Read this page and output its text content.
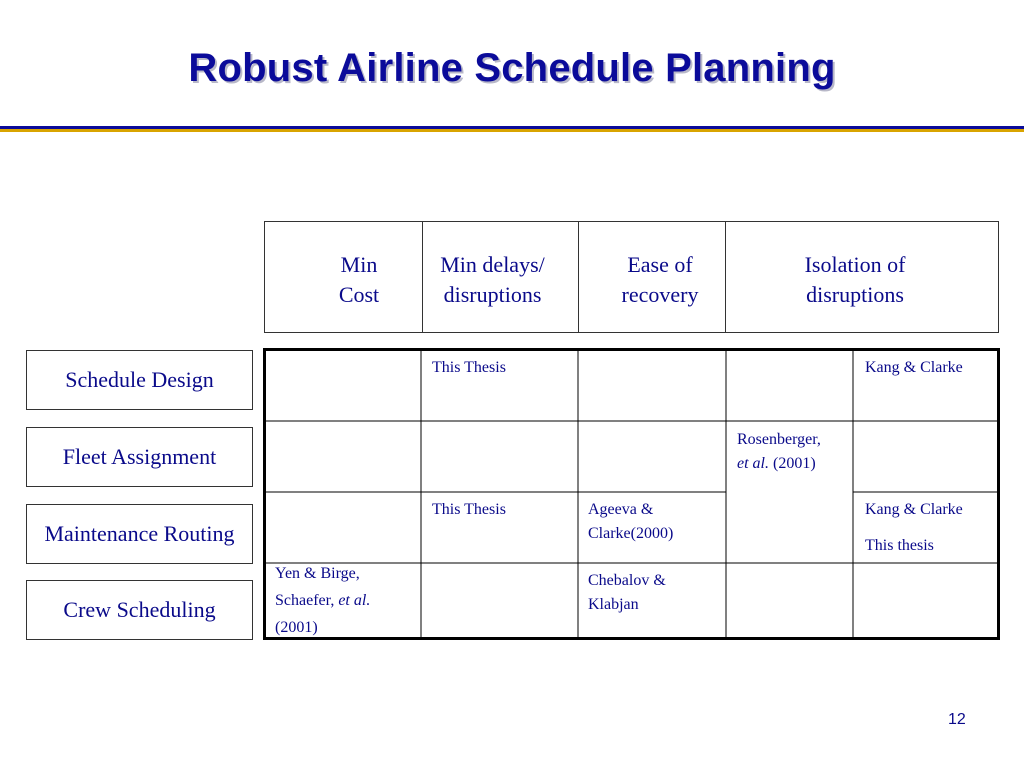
Robust Airline Schedule Planning
Min
Cost
Min delays/
disruptions
Ease of
recovery
Isolation of
disruptions
Schedule Design
Fleet Assignment
Maintenance Routing
Crew Scheduling
This Thesis	Kang & Clarke
Rosenberger,
et al. (2001)
This Thesis	Ageeva &
Clarke(2000)
Kang & Clarke
This thesis
Yen & Birge,
Schaefer, et al.
(2001)
Chebalov &
Klabjan
12
